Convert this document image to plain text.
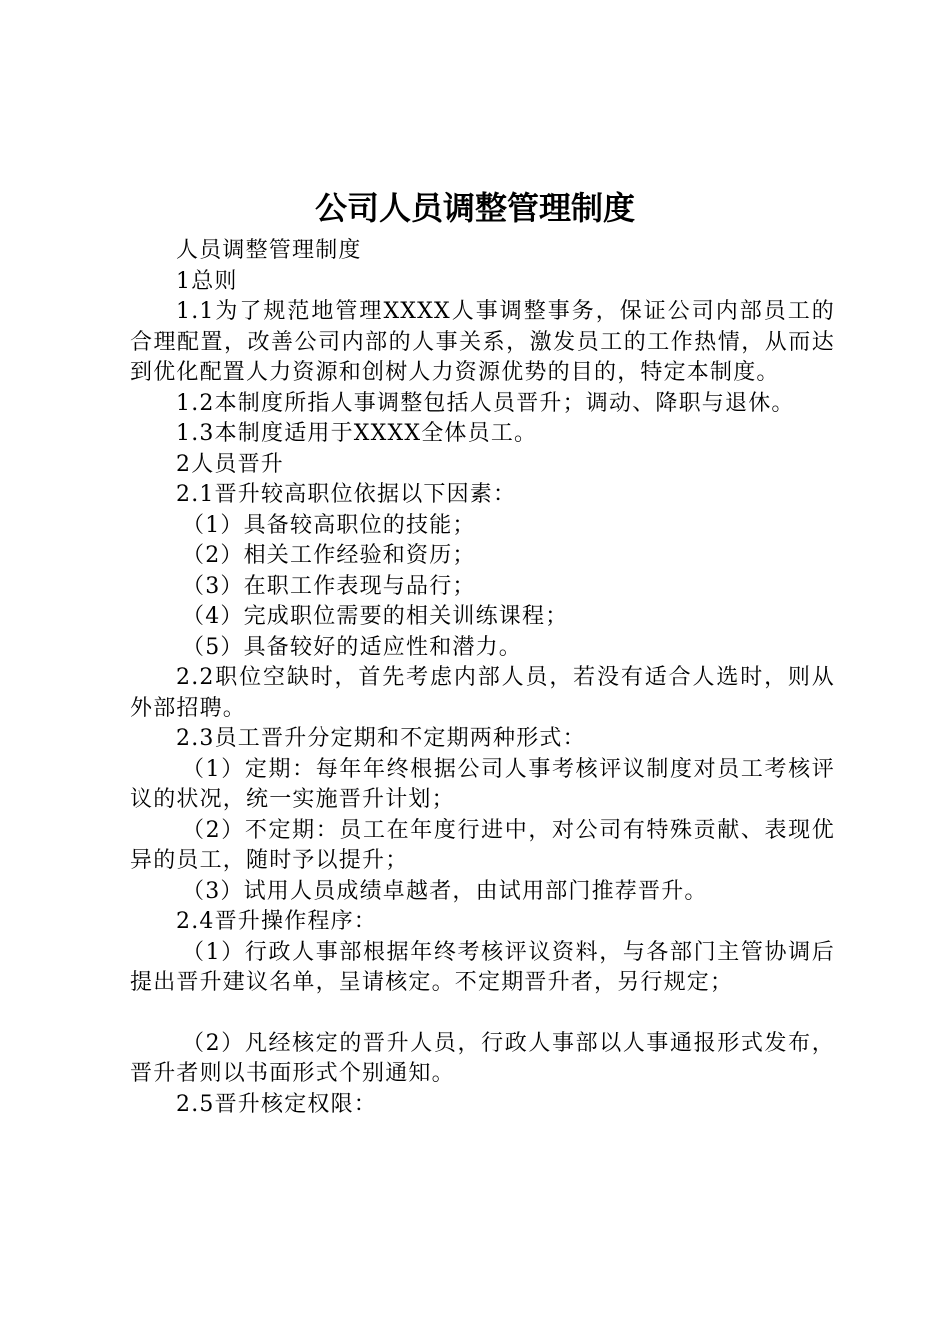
公司人员调整管理制度

人员调整管理制度

1总则

1.1为了规范地管理XXXX人事调整事务，保证公司内部员工的合理配置，改善公司内部的人事关系，激发员工的工作热情，从而达到优化配置人力资源和创树人力资源优势的目的，特定本制度。

1.2本制度所指人事调整包括人员晋升；调动、降职与退休。

1.3本制度适用于XXXX全体员工。

2人员晋升

2.1晋升较高职位依据以下因素：

（1）具备较高职位的技能；

（2）相关工作经验和资历；

（3）在职工作表现与品行；

（4）完成职位需要的相关训练课程；

（5）具备较好的适应性和潜力。

2.2职位空缺时，首先考虑内部人员，若没有适合人选时，则从外部招聘。

2.3员工晋升分定期和不定期两种形式：

（1）定期：每年年终根据公司人事考核评议制度对员工考核评议的状况，统一实施晋升计划；

（2）不定期：员工在年度行进中，对公司有特殊贡献、表现优异的员工，随时予以提升；

（3）试用人员成绩卓越者，由试用部门推荐晋升。

2.4晋升操作程序：

（1）行政人事部根据年终考核评议资料，与各部门主管协调后提出晋升建议名单，呈请核定。不定期晋升者，另行规定；

（2）凡经核定的晋升人员，行政人事部以人事通报形式发布，晋升者则以书面形式个别通知。

2.5晋升核定权限：
